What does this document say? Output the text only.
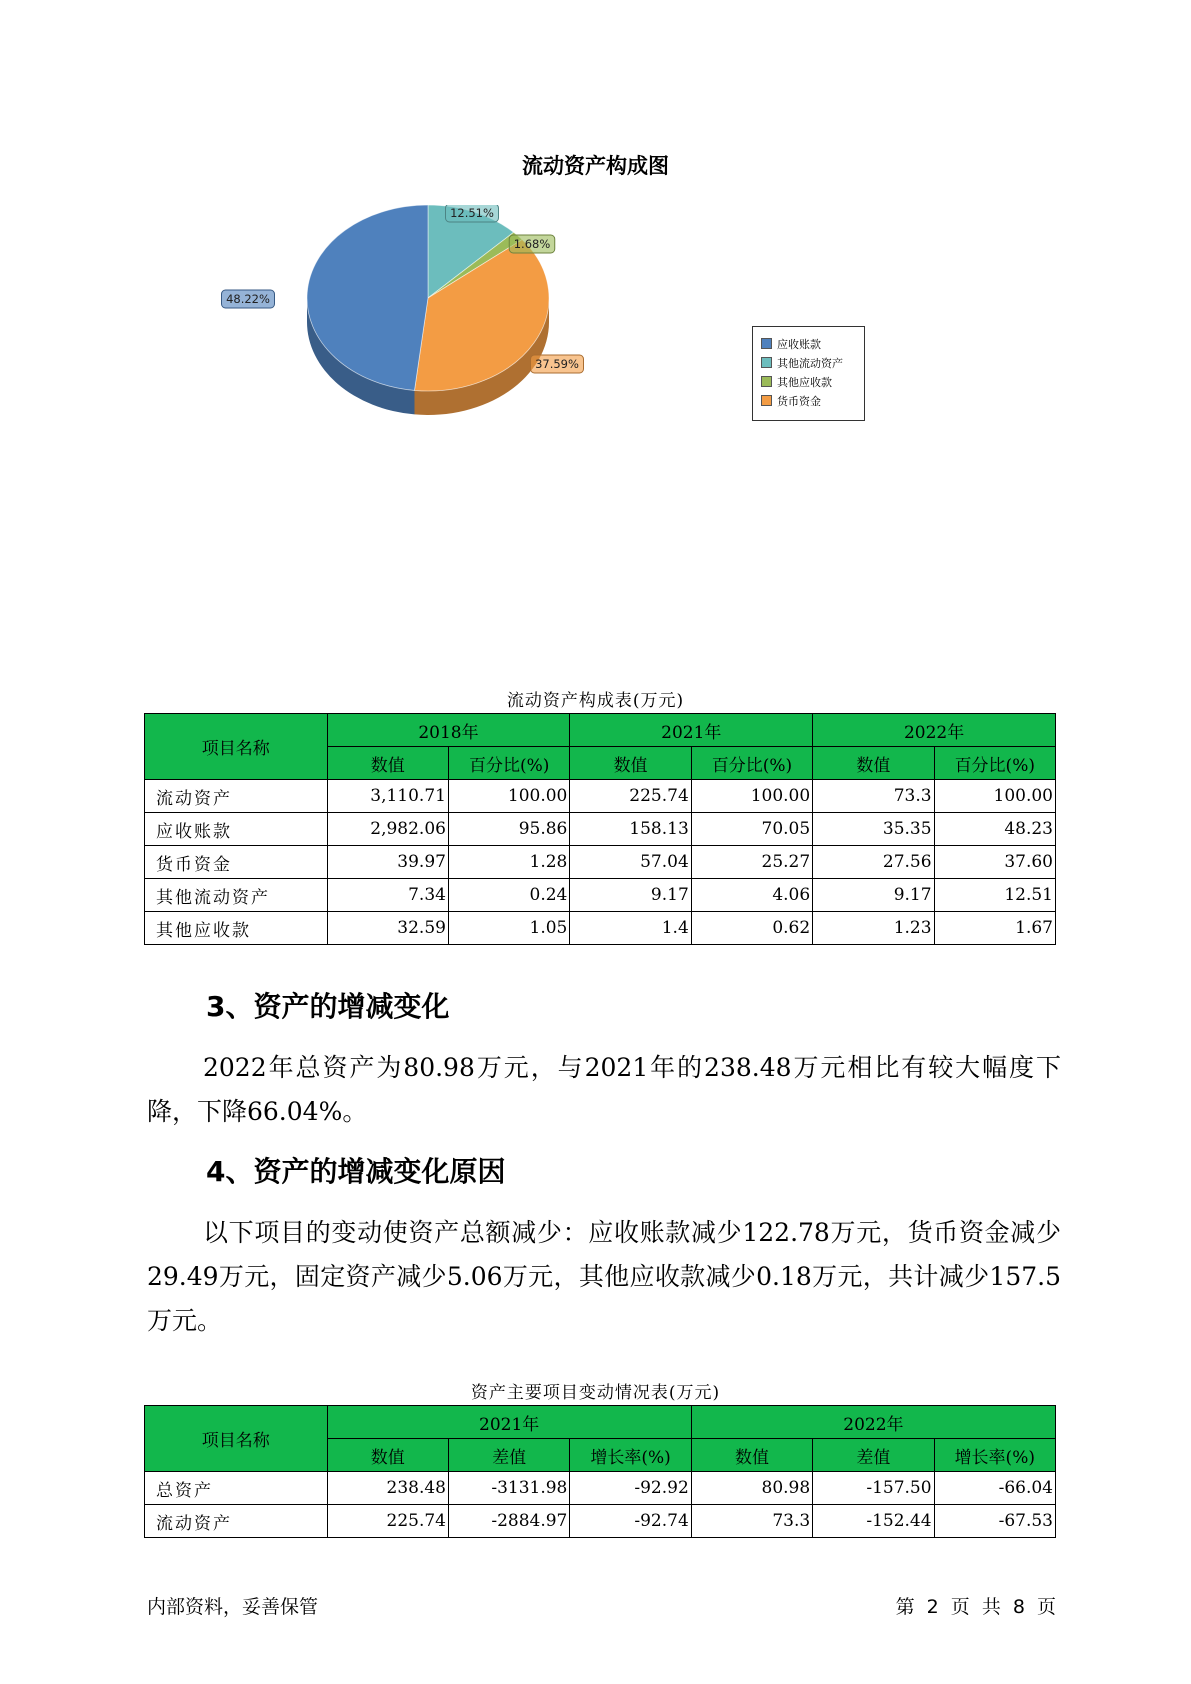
流动资产构成图
48.22%
12.51%
1.68%
37.59%
应收账款
其他流动资产
其他应收款
货币资金
流动资产构成表(万元)
项目名称	2018年		2021年		2022年	
	数值	百分比(%)	数值	百分比(%)	数值	百分比(%)
流动资产	3,110.71	100.00	225.74	100.00	73.3	100.00
应收账款	2,982.06	95.86	158.13	70.05	35.35	48.23
货币资金	39.97	1.28	57.04	25.27	27.56	37.60
其他流动资产	7.34	0.24	9.17	4.06	9.17	12.51
其他应收款	32.59	1.05	1.4	0.62	1.23	1.67
3、资产的增减变化
2022年总资产为80.98万元，与2021年的238.48万元相比有较大幅度下降，下降66.04%。
4、资产的增减变化原因
以下项目的变动使资产总额减少：应收账款减少122.78万元，货币资金减少29.49万元，固定资产减少5.06万元，其他应收款减少0.18万元，共计减少157.5万元。
资产主要项目变动情况表(万元)
项目名称	2021年			2022年		
	数值	差值	增长率(%)	数值	差值	增长率(%)
总资产	238.48	-3131.98	-92.92	80.98	-157.50	-66.04
流动资产	225.74	-2884.97	-92.74	73.3	-152.44	-67.53
内部资料，妥善保管	第 2 页 共 8 页
